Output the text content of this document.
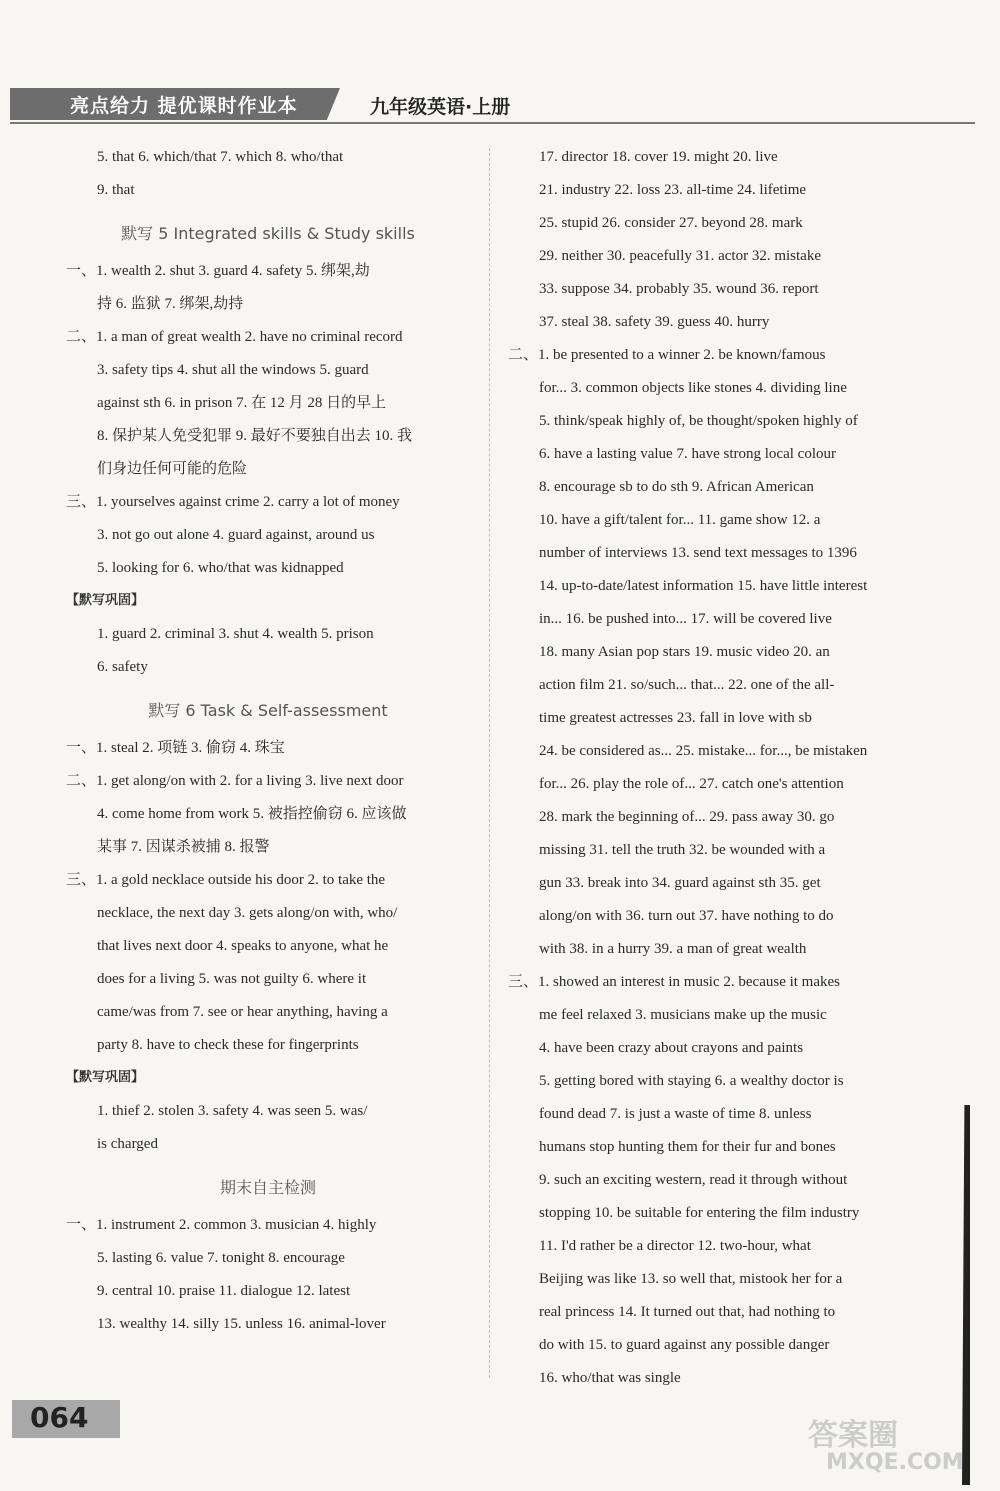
亮点给力 提优课时作业本	九年级英语·上册
5. that 6. which/that 7. which 8. who/that
9. that
默写 5 Integrated skills & Study skills
一、1. wealth 2. shut 3. guard 4. safety 5. 绑架,劫
持 6. 监狱 7. 绑架,劫持
二、1. a man of great wealth 2. have no criminal record
3. safety tips 4. shut all the windows 5. guard
against sth 6. in prison 7. 在 12 月 28 日的早上
8. 保护某人免受犯罪 9. 最好不要独自出去 10. 我
们身边任何可能的危险
三、1. yourselves against crime 2. carry a lot of money
3. not go out alone 4. guard against, around us
5. looking for 6. who/that was kidnapped
【默写巩固】
1. guard 2. criminal 3. shut 4. wealth 5. prison
6. safety
默写 6 Task & Self-assessment
一、1. steal 2. 项链 3. 偷窃 4. 珠宝
二、1. get along/on with 2. for a living 3. live next door
4. come home from work 5. 被指控偷窃 6. 应该做
某事 7. 因谋杀被捕 8. 报警
三、1. a gold necklace outside his door 2. to take the
necklace, the next day 3. gets along/on with, who/
that lives next door 4. speaks to anyone, what he
does for a living 5. was not guilty 6. where it
came/was from 7. see or hear anything, having a
party 8. have to check these for fingerprints
【默写巩固】
1. thief 2. stolen 3. safety 4. was seen 5. was/
is charged
期末自主检测
一、1. instrument 2. common 3. musician 4. highly
5. lasting 6. value 7. tonight 8. encourage
9. central 10. praise 11. dialogue 12. latest
13. wealthy 14. silly 15. unless 16. animal-lover
17. director 18. cover 19. might 20. live
21. industry 22. loss 23. all-time 24. lifetime
25. stupid 26. consider 27. beyond 28. mark
29. neither 30. peacefully 31. actor 32. mistake
33. suppose 34. probably 35. wound 36. report
37. steal 38. safety 39. guess 40. hurry
二、1. be presented to a winner 2. be known/famous
for... 3. common objects like stones 4. dividing line
5. think/speak highly of, be thought/spoken highly of
6. have a lasting value 7. have strong local colour
8. encourage sb to do sth 9. African American
10. have a gift/talent for... 11. game show 12. a
number of interviews 13. send text messages to 1396
14. up-to-date/latest information 15. have little interest
in... 16. be pushed into... 17. will be covered live
18. many Asian pop stars 19. music video 20. an
action film 21. so/such... that... 22. one of the all-
time greatest actresses 23. fall in love with sb
24. be considered as... 25. mistake... for..., be mistaken
for... 26. play the role of... 27. catch one's attention
28. mark the beginning of... 29. pass away 30. go
missing 31. tell the truth 32. be wounded with a
gun 33. break into 34. guard against sth 35. get
along/on with 36. turn out 37. have nothing to do
with 38. in a hurry 39. a man of great wealth
三、1. showed an interest in music 2. because it makes
me feel relaxed 3. musicians make up the music
4. have been crazy about crayons and paints
5. getting bored with staying 6. a wealthy doctor is
found dead 7. is just a waste of time 8. unless
humans stop hunting them for their fur and bones
9. such an exciting western, read it through without
stopping 10. be suitable for entering the film industry
11. I'd rather be a director 12. two-hour, what
Beijing was like 13. so well that, mistook her for a
real princess 14. It turned out that, had nothing to
do with 15. to guard against any possible danger
16. who/that was single
064
答案圈
MXQE.COM
